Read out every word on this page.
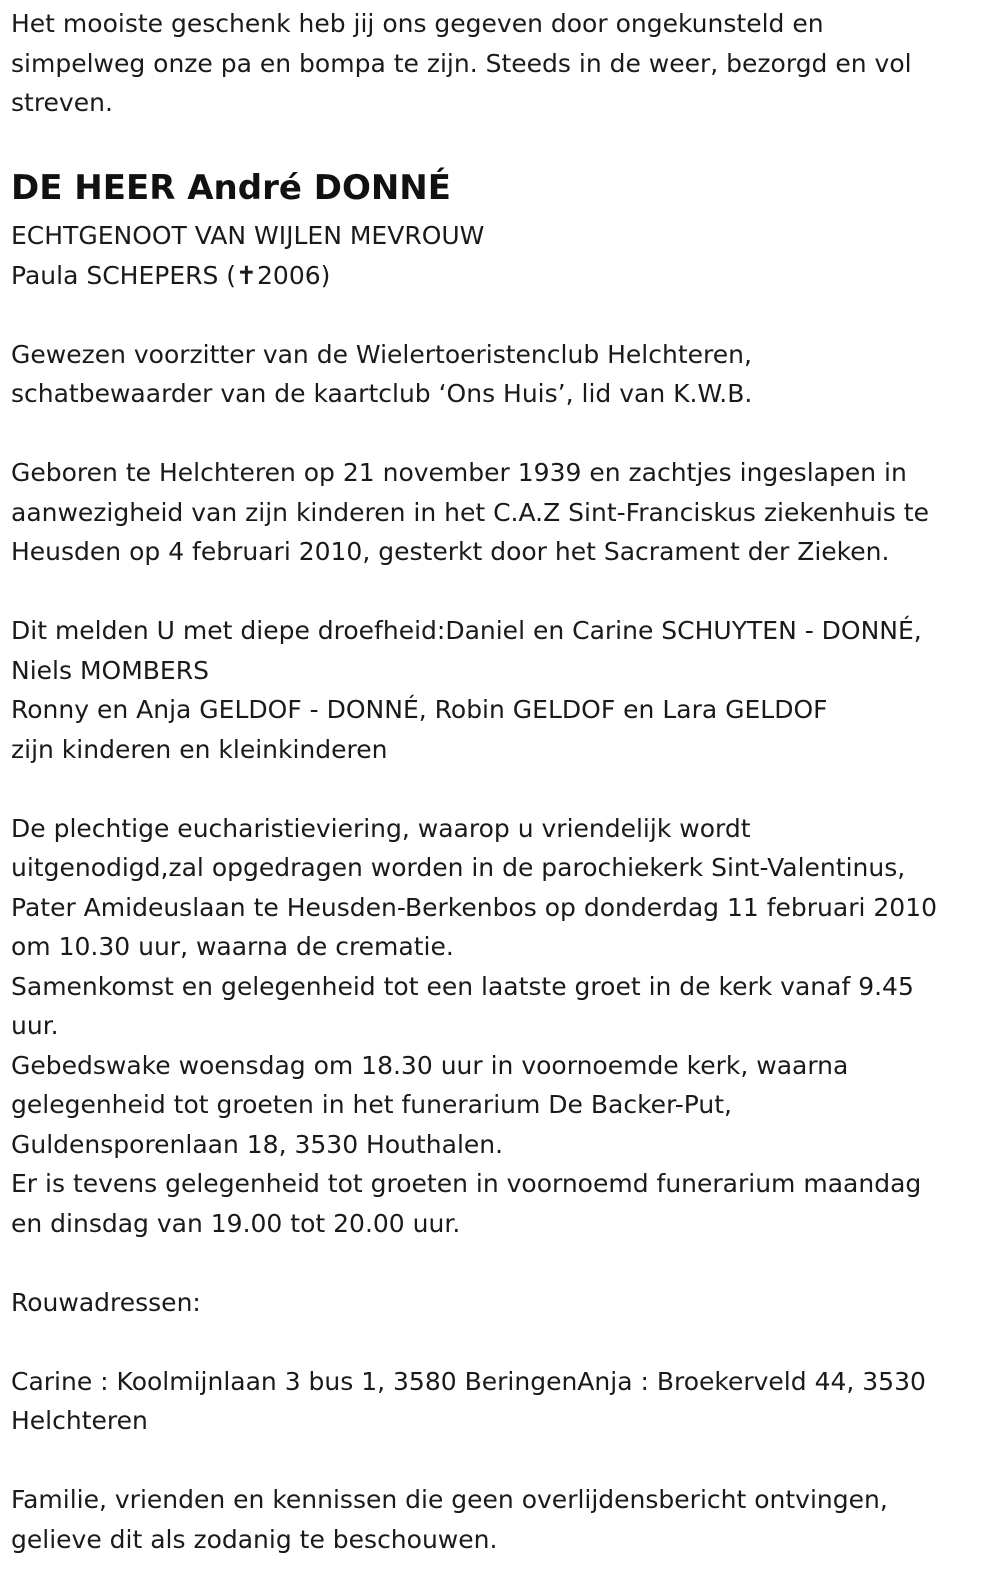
Het mooiste geschenk heb jij ons gegeven door ongekunsteld en
simpelweg onze pa en bompa te zijn. Steeds in de weer, bezorgd en vol
streven.

DE HEER André DONNÉ

ECHTGENOOT VAN WIJLEN MEVROUW

Paula SCHEPERS (✝2006)

Gewezen voorzitter van de Wielertoeristenclub Helchteren,
schatbewaarder van de kaartclub ‘Ons Huis’, lid van K.W.B.

Geboren te Helchteren op 21 november 1939 en zachtjes ingeslapen in
aanwezigheid van zijn kinderen in het C.A.Z Sint-Franciskus ziekenhuis te
Heusden op 4 februari 2010, gesterkt door het Sacrament der Zieken.

Dit melden U met diepe droefheid:Daniel en Carine SCHUYTEN - DONNÉ,
Niels MOMBERS
Ronny en Anja GELDOF - DONNÉ, Robin GELDOF en Lara GELDOF
zijn kinderen en kleinkinderen

De plechtige eucharistieviering, waarop u vriendelijk wordt
uitgenodigd,zal opgedragen worden in de parochiekerk Sint-Valentinus,
Pater Amideuslaan te Heusden-Berkenbos op donderdag 11 februari 2010
om 10.30 uur, waarna de crematie.
Samenkomst en gelegenheid tot een laatste groet in de kerk vanaf 9.45
uur.
Gebedswake woensdag om 18.30 uur in voornoemde kerk, waarna
gelegenheid tot groeten in het funerarium De Backer-Put,
Guldensporenlaan 18, 3530 Houthalen.
Er is tevens gelegenheid tot groeten in voornoemd funerarium maandag
en dinsdag van 19.00 tot 20.00 uur.

Rouwadressen:

Carine : Koolmijnlaan 3 bus 1, 3580 BeringenAnja : Broekerveld 44, 3530
Helchteren

Familie, vrienden en kennissen die geen overlijdensbericht ontvingen,
gelieve dit als zodanig te beschouwen.
